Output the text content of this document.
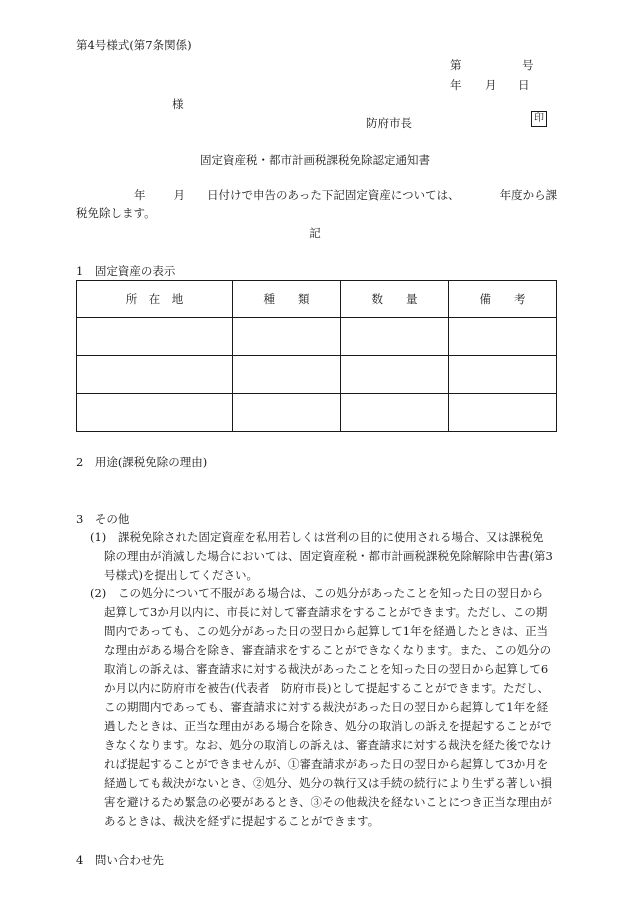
第4号様式(第7条関係)
第	号
年 月 日
様
防府市長	印
固定資産税・都市計画税課税免除認定通知書
年 月 日付けで申告のあった下記固定資産については、	年度から課
税免除します。
記
1　固定資産の表示
所　在　地	種　　類	数　　量	備　　考

2　用途(課税免除の理由)
3　その他
(1) 課税免除された固定資産を私用若しくは営利の目的に使用される場合、又は課税免
除の理由が消滅した場合においては、固定資産税・都市計画税課税免除解除申告書(第3
号様式)を提出してください。
(2) この処分について不服がある場合は、この処分があったことを知った日の翌日から
起算して3か月以内に、市長に対して審査請求をすることができます。ただし、この期
間内であっても、この処分があった日の翌日から起算して1年を経過したときは、正当
な理由がある場合を除き、審査請求をすることができなくなります。また、この処分の
取消しの訴えは、審査請求に対する裁決があったことを知った日の翌日から起算して6
か月以内に防府市を被告(代表者　防府市長)として提起することができます。ただし、
この期間内であっても、審査請求に対する裁決があった日の翌日から起算して1年を経
過したときは、正当な理由がある場合を除き、処分の取消しの訴えを提起することがで
きなくなります。なお、処分の取消しの訴えは、審査請求に対する裁決を経た後でなけ
れば提起することができませんが、①審査請求があった日の翌日から起算して3か月を
経過しても裁決がないとき、②処分、処分の執行又は手続の続行により生ずる著しい損
害を避けるため緊急の必要があるとき、③その他裁決を経ないことにつき正当な理由が
あるときは、裁決を経ずに提起することができます。
4　問い合わせ先
